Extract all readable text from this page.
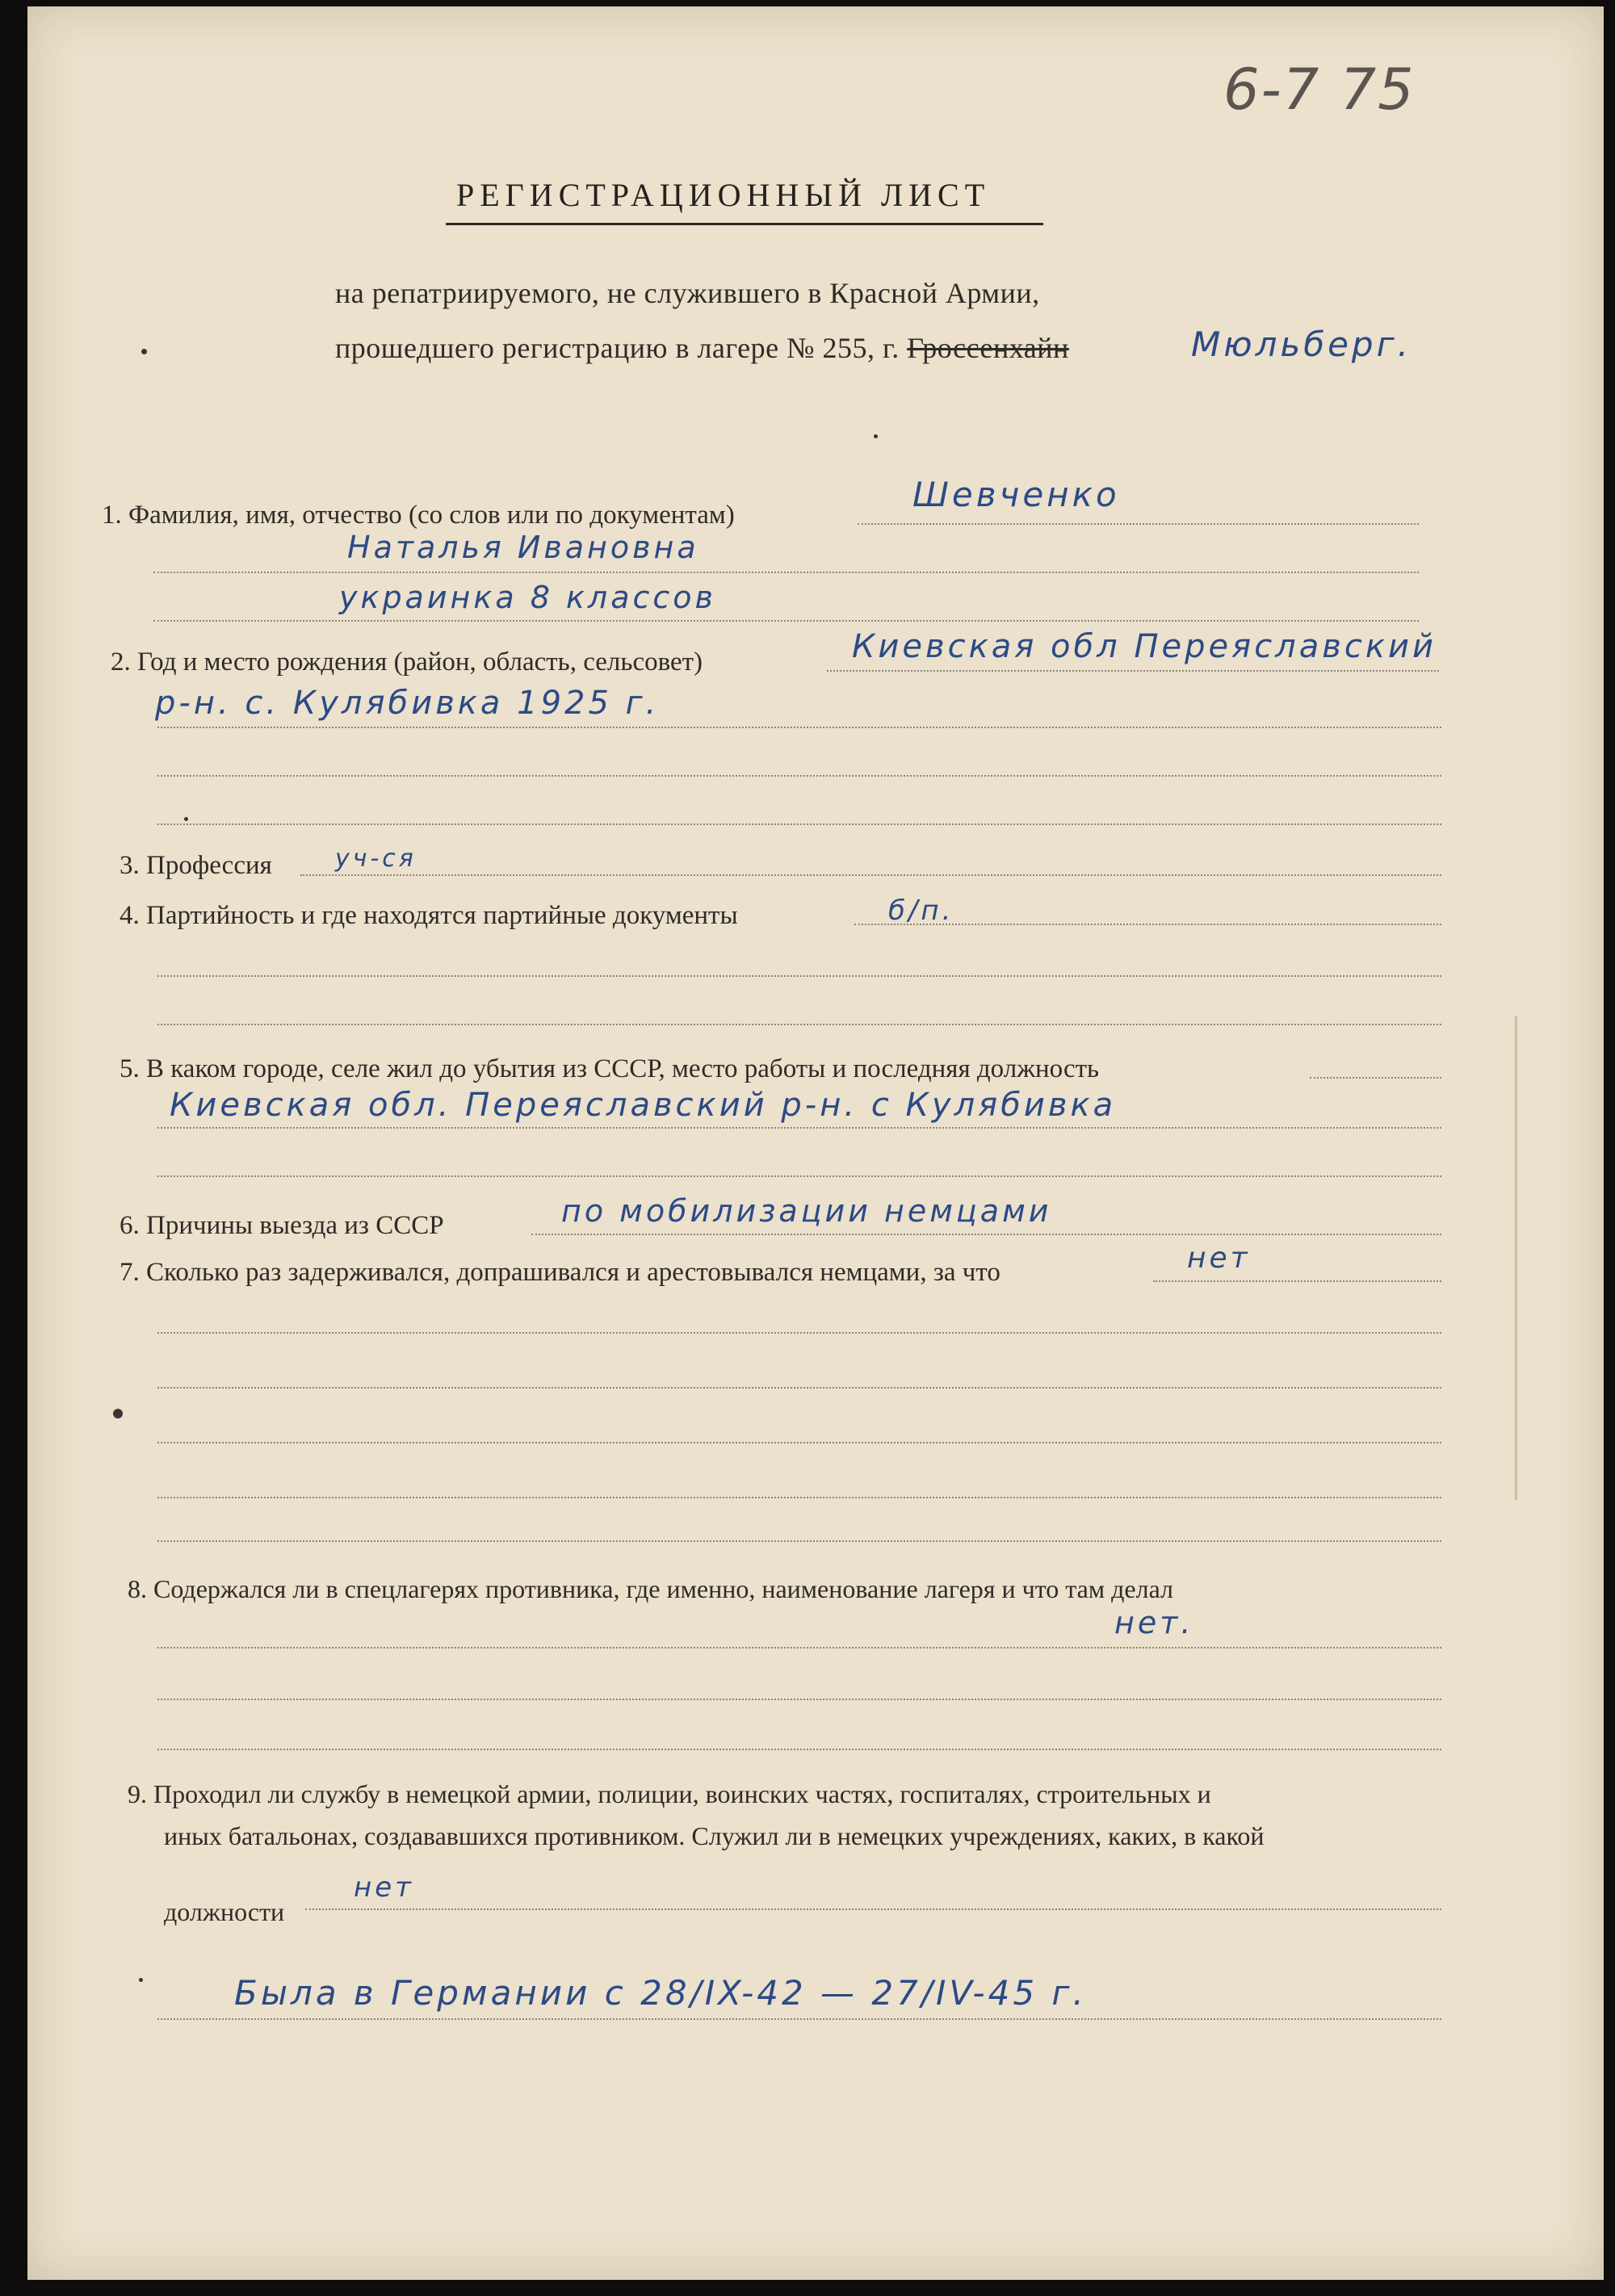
6-7 75
РЕГИСТРАЦИОННЫЙ ЛИСТ
на репатриируемого, не служившего в Красной Армии,
прошедшего регистрацию в лагере № 255, г. Гроссенхайн	Мюльберг.
1. Фамилия, имя, отчество (со слов или по документам)
Шевченко
Наталья Ивановна
украинка 8 классов
2. Год и место рождения (район, область, сельсовет)	Киевская обл Переяславский
р-н. с. Кулябивка 1925 г.
3. Профессия	уч-ся
4. Партийность и где находятся партийные документы	б/п.
5. В каком городе, селе жил до убытия из СССР, место работы и последняя должность
Киевская обл. Переяславский р-н. с Кулябивка
6. Причины выезда из СССР	по мобилизации немцами
7. Сколько раз задерживался, допрашивался и арестовывался немцами, за что	нет
8. Содержался ли в спецлагерях противника, где именно, наименование лагеря и что там делал
нет.
9. Проходил ли службу в немецкой армии, полиции, воинских частях, госпиталях, строительных и
иных батальонах, создававшихся противником. Служил ли в немецких учреждениях, каких, в какой
должности
нет
Была в Германии с 28/IX-42 — 27/IV-45 г.
